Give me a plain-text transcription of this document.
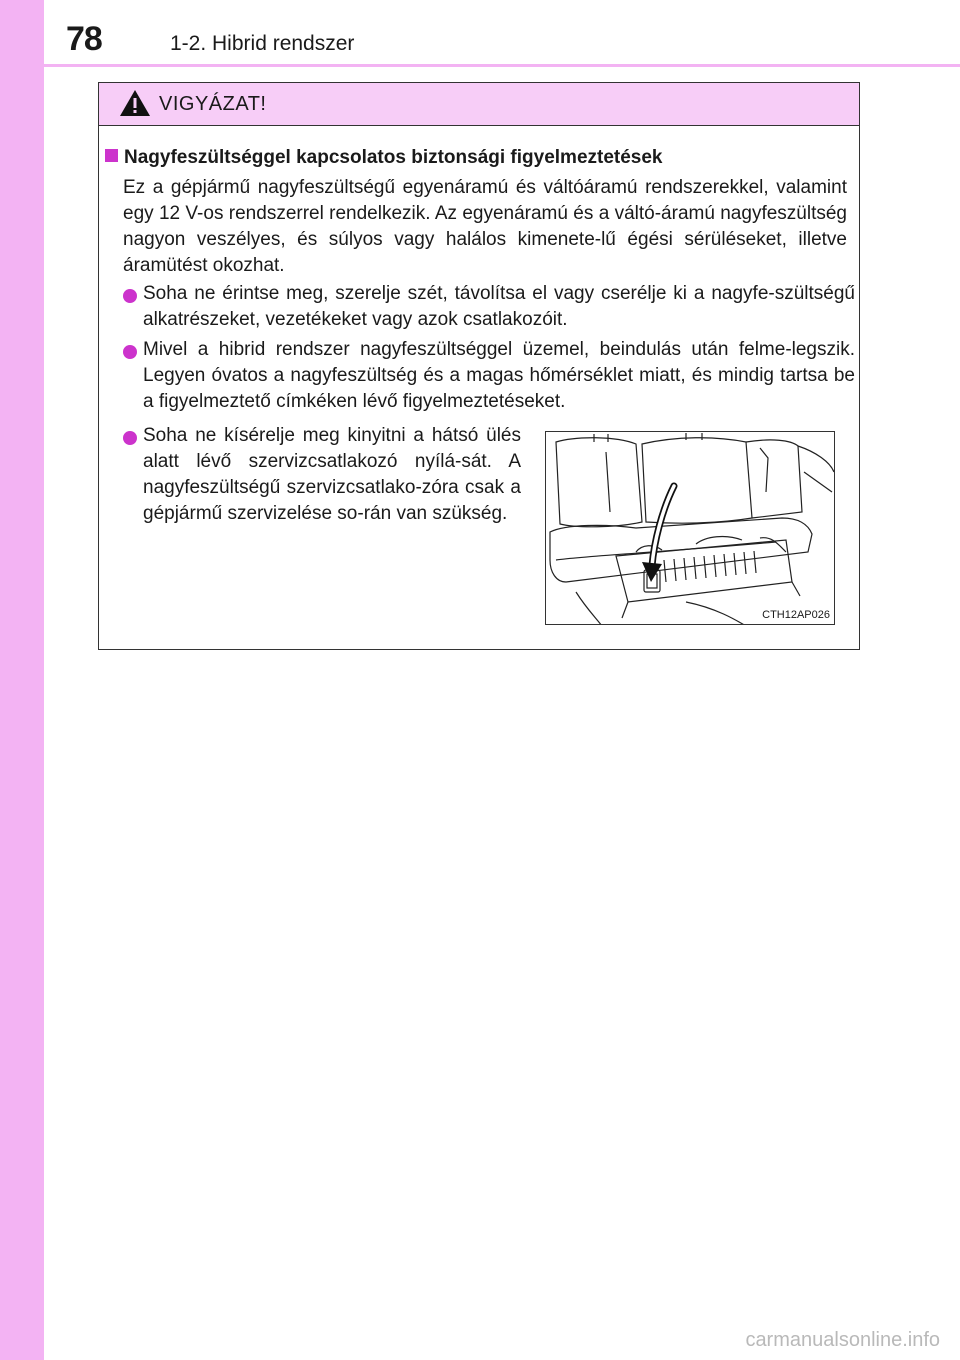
78	1-2. Hibrid rendszer
VIGYÁZAT!
Nagyfeszültséggel kapcsolatos biztonsági figyelmeztetések
Ez a gépjármű nagyfeszültségű egyenáramú és váltóáramú rendszerekkel, valamint egy 12 V-os rendszerrel rendelkezik. Az egyenáramú és a váltó-áramú nagyfeszültség nagyon veszélyes, és súlyos vagy halálos kimenete-lű égési sérüléseket, illetve áramütést okozhat.
Soha ne érintse meg, szerelje szét, távolítsa el vagy cserélje ki a nagyfe-szültségű alkatrészeket, vezetékeket vagy azok csatlakozóit.
Mivel a hibrid rendszer nagyfeszültséggel üzemel, beindulás után felme-legszik. Legyen óvatos a nagyfeszültség és a magas hőmérséklet miatt, és mindig tartsa be a figyelmeztető címkéken lévő figyelmeztetéseket.
Soha ne kísérelje meg kinyitni a hátsó ülés alatt lévő szervizcsatlakozó nyílá-sát. A nagyfeszültségű szervizcsatlako-zóra csak a gépjármű szervizelése so-rán van szükség.
CTH12AP026
carmanualsonline.info
